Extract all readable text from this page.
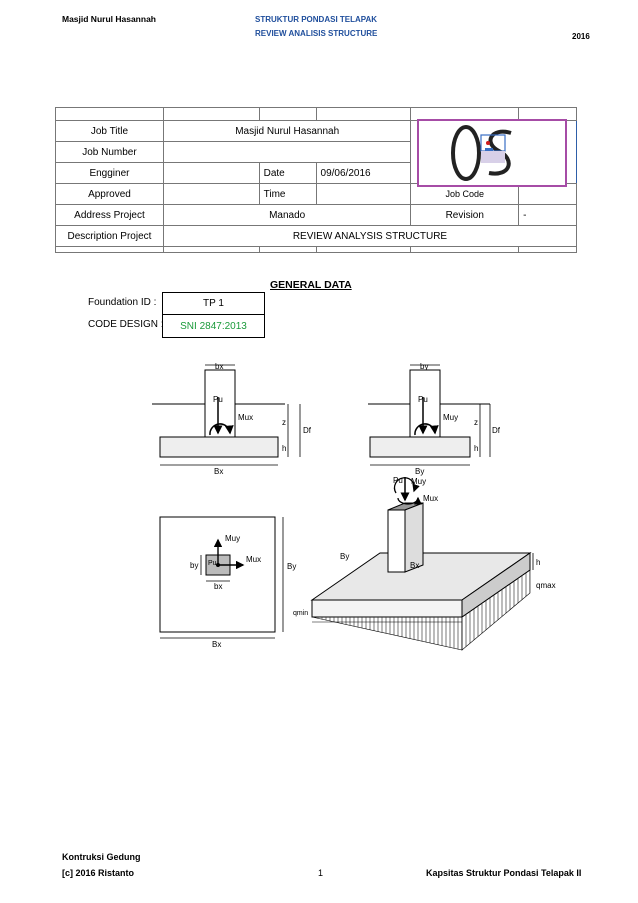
Masjid Nurul Hasannah	STRUKTUR PONDASI TELAPAK
REVIEW ANALISIS STRUCTURE	2016

Job Title	Masjid Nurul Hasannah				
Job Number					
Engginer		Date	09/06/2016		
Approved		Time		Job Code	
Address Project	Manado			Revision	-
Description Project	REVIEW ANALYSIS STRUCTURE				

GENERAL DATA
Foundation ID :	TP 1
CODE DESIGN :	SNI 2847:2013
bx
Pu
Mux
z
Df
h
Bx
by
Pu
Muy
z
Df
h
By
Muy
Mux
Pu
by
bx
By
Bx
Pu Muy
Mux
By
Bx	h
qmax
qmin
Kontruksi Gedung
[c] 2016 Ristanto	1	Kapsitas Struktur Pondasi Telapak II
